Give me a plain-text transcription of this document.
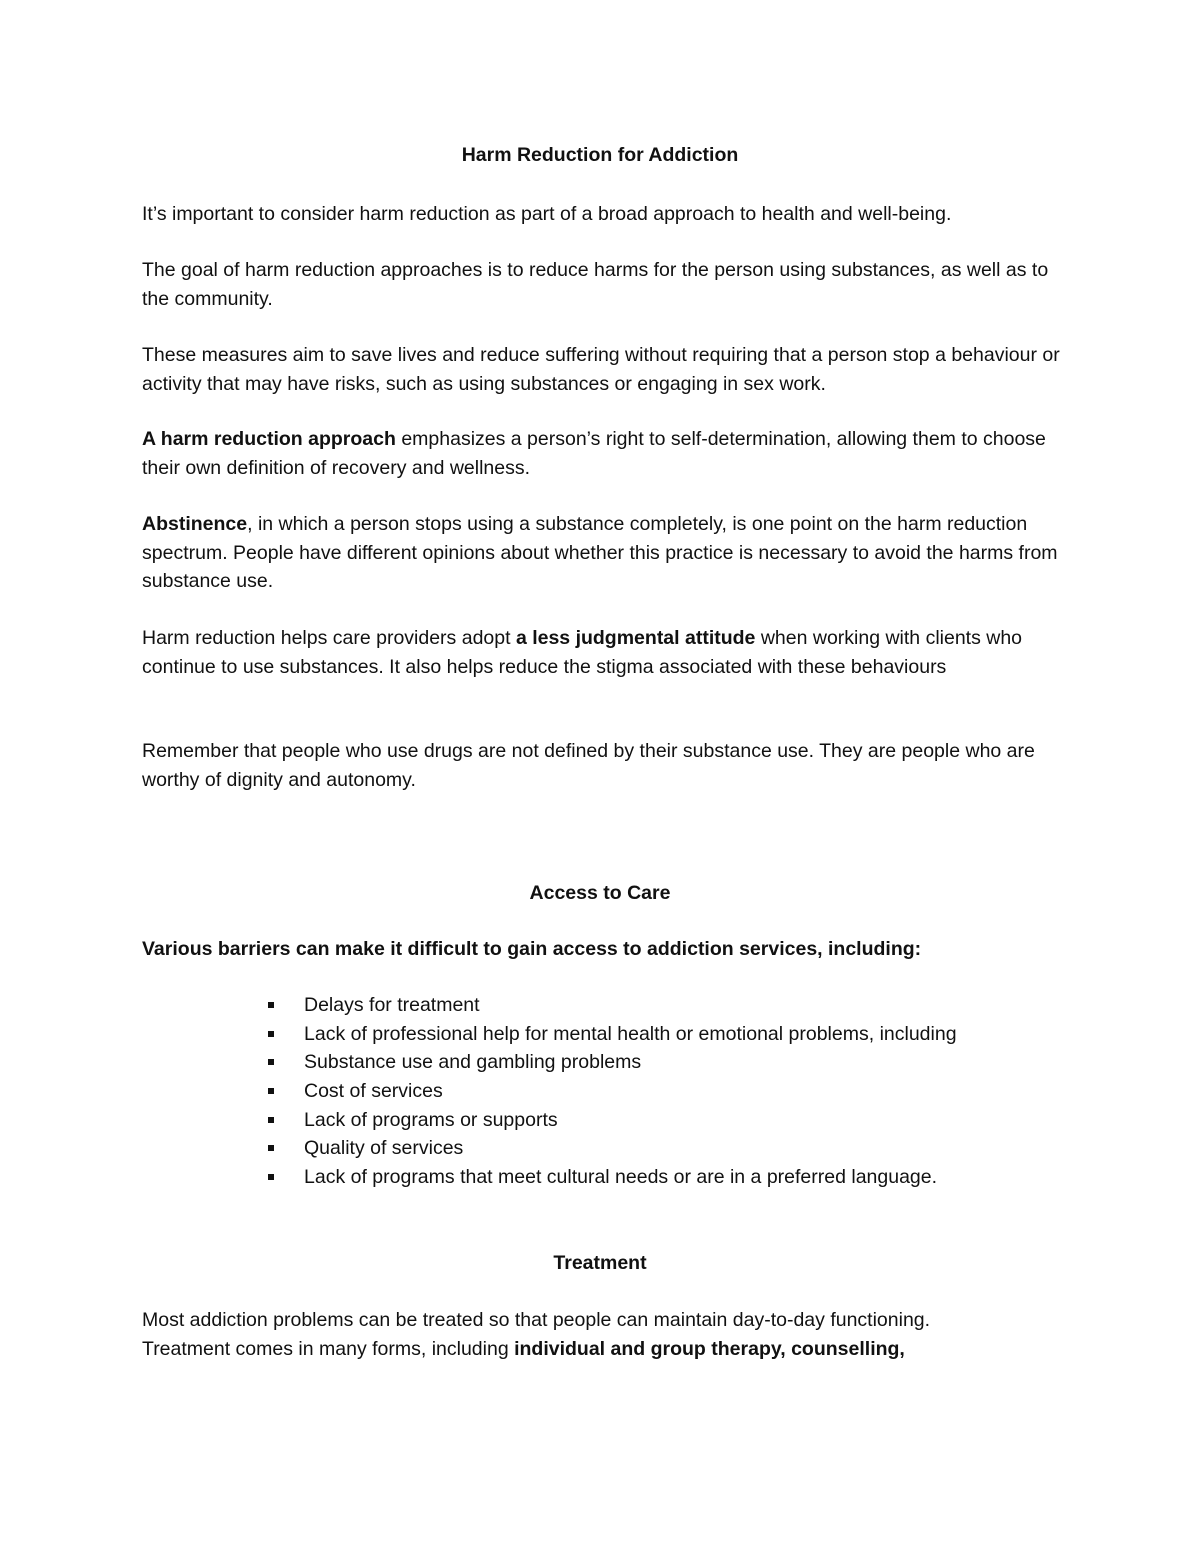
Harm Reduction for Addiction

It’s important to consider harm reduction as part of a broad approach to health and well-being.

The goal of harm reduction approaches is to reduce harms for the person using substances, as well as to the community.

These measures aim to save lives and reduce suffering without requiring that a person stop a behaviour or activity that may have risks, such as using substances or engaging in sex work.

A harm reduction approach emphasizes a person’s right to self-determination, allowing them to choose their own definition of recovery and wellness.

Abstinence, in which a person stops using a substance completely, is one point on the harm reduction spectrum. People have different opinions about whether this practice is necessary to avoid the harms from substance use.

Harm reduction helps care providers adopt a less judgmental attitude when working with clients who continue to use substances. It also helps reduce the stigma associated with these behaviours

Remember that people who use drugs are not defined by their substance use. They are people who are worthy of dignity and autonomy.

Access to Care

Various barriers can make it difficult to gain access to addiction services, including:

Delays for treatment
Lack of professional help for mental health or emotional problems, including
Substance use and gambling problems
Cost of services
Lack of programs or supports
Quality of services
Lack of programs that meet cultural needs or are in a preferred language.
Treatment

Most addiction problems can be treated so that people can maintain day-to-day functioning.
Treatment comes in many forms, including individual and group therapy, counselling,
